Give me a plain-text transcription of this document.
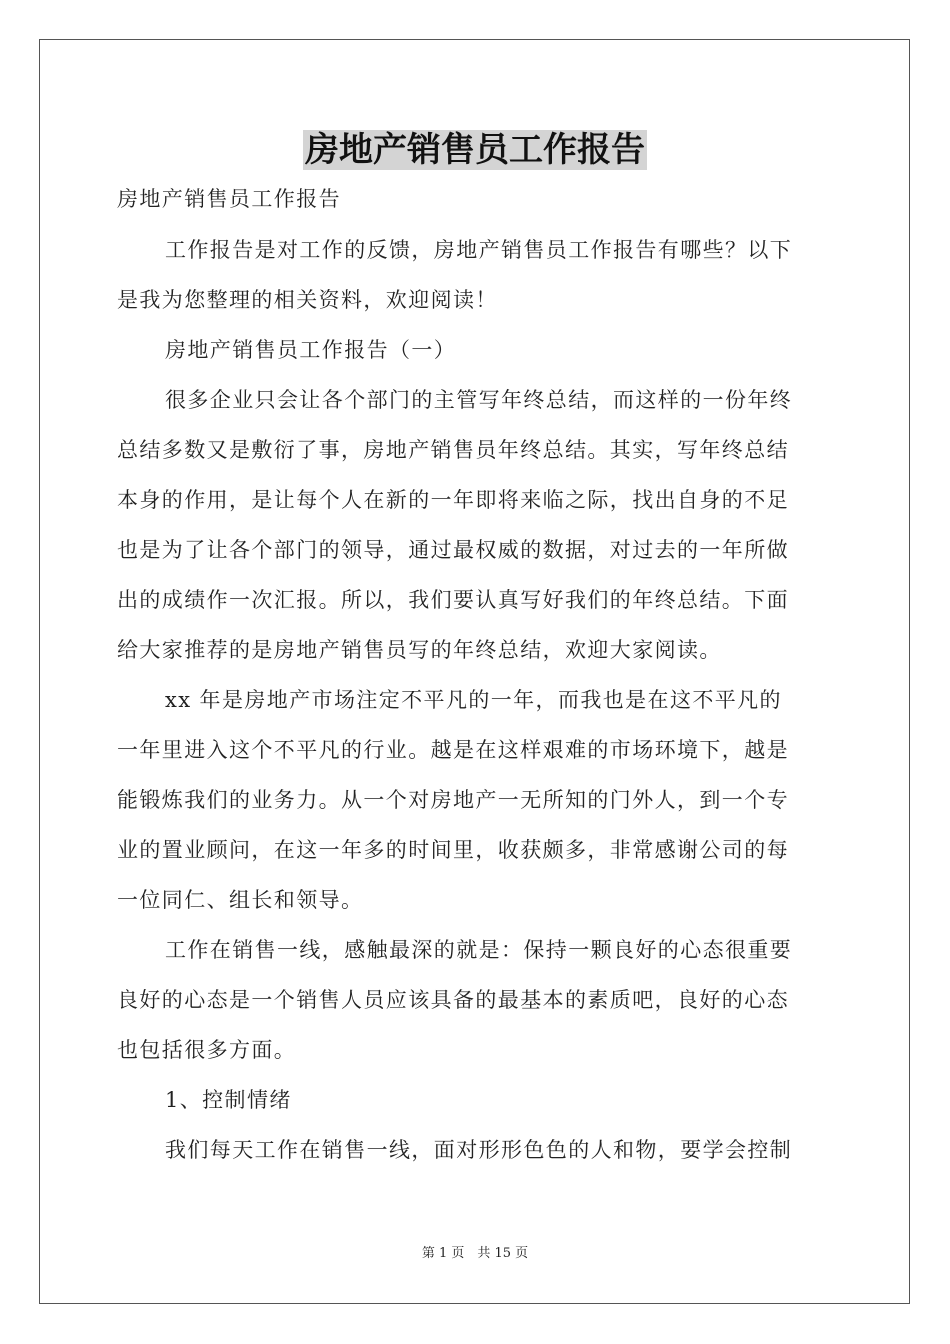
房地产销售员工作报告
房地产销售员工作报告
工作报告是对工作的反馈，房地产销售员工作报告有哪些？以下
是我为您整理的相关资料，欢迎阅读！
房地产销售员工作报告（一）
很多企业只会让各个部门的主管写年终总结，而这样的一份年终
总结多数又是敷衍了事，房地产销售员年终总结。其实，写年终总结
本身的作用，是让每个人在新的一年即将来临之际，找出自身的不足
也是为了让各个部门的领导，通过最权威的数据，对过去的一年所做
出的成绩作一次汇报。所以，我们要认真写好我们的年终总结。下面
给大家推荐的是房地产销售员写的年终总结，欢迎大家阅读。
xx 年是房地产市场注定不平凡的一年，而我也是在这不平凡的
一年里进入这个不平凡的行业。越是在这样艰难的市场环境下，越是
能锻炼我们的业务力。从一个对房地产一无所知的门外人，到一个专
业的置业顾问，在这一年多的时间里，收获颇多，非常感谢公司的每
一位同仁、组长和领导。
工作在销售一线，感触最深的就是：保持一颗良好的心态很重要
良好的心态是一个销售人员应该具备的最基本的素质吧，良好的心态
也包括很多方面。
1、控制情绪
我们每天工作在销售一线，面对形形色色的人和物，要学会控制
第 1 页　共 15 页
